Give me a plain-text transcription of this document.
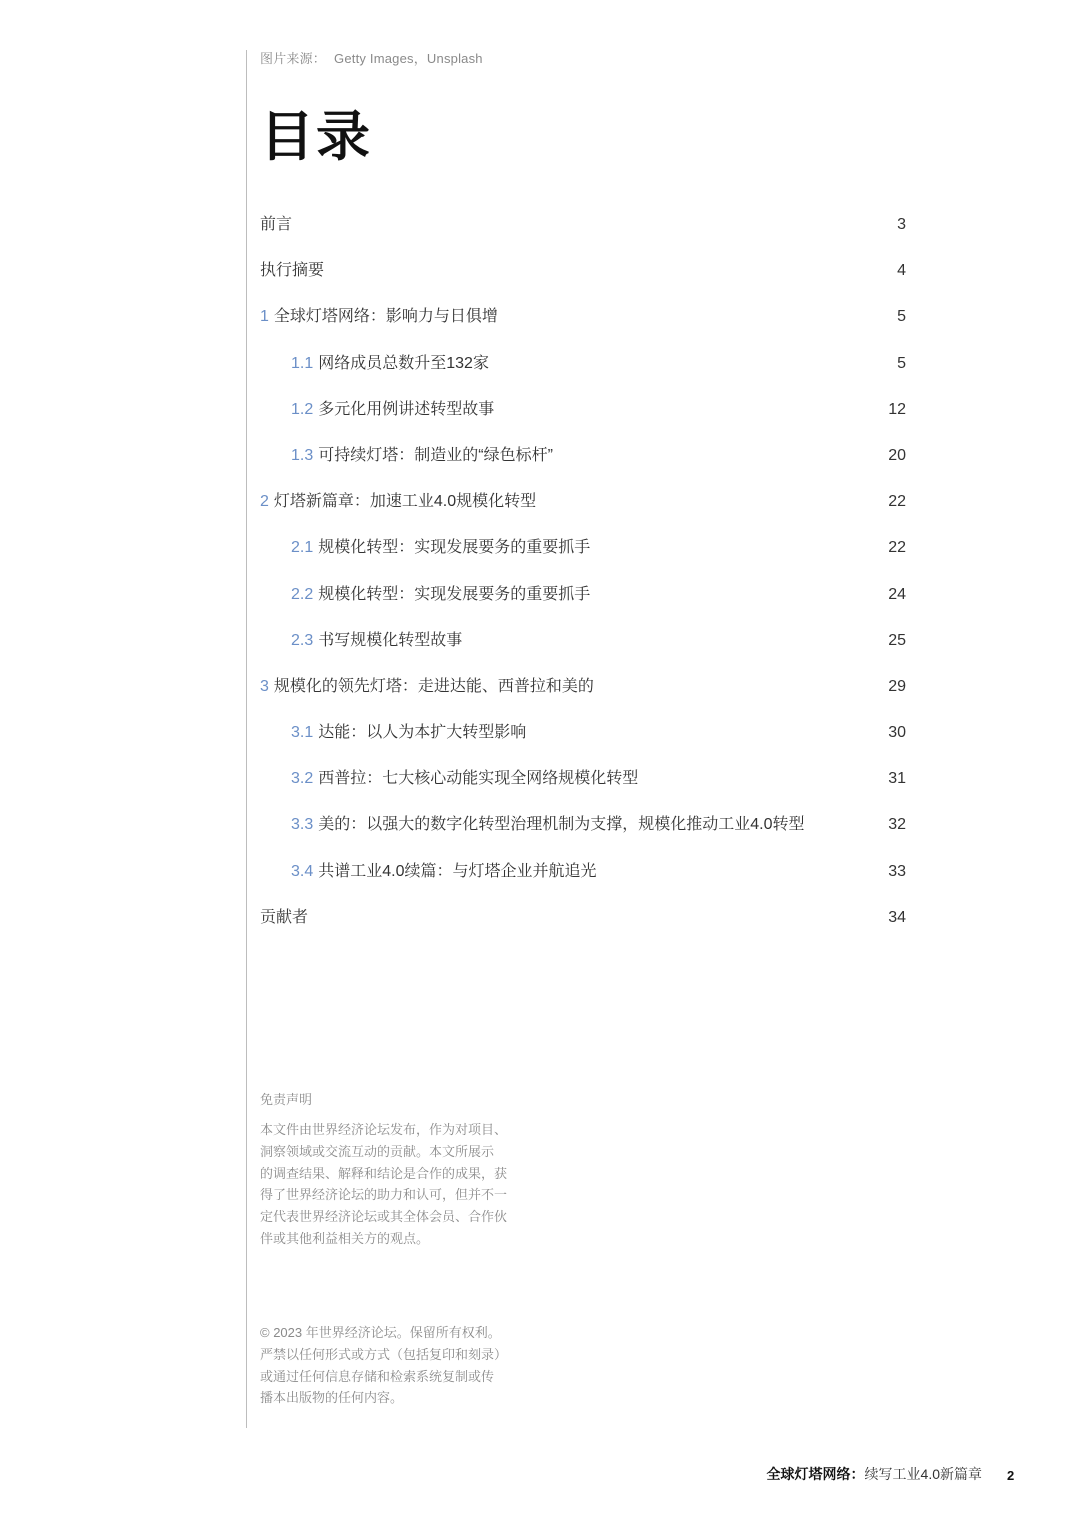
图片来源： Getty Images，Unsplash
目录
前言	3
执行摘要	4
1 全球灯塔网络：影响力与日俱增	5
1.1 网络成员总数升至132家	5
1.2 多元化用例讲述转型故事	12
1.3 可持续灯塔：制造业的“绿色标杆”	20
2 灯塔新篇章：加速工业4.0规模化转型	22
2.1 规模化转型：实现发展要务的重要抓手	22
2.2 规模化转型：实现发展要务的重要抓手	24
2.3 书写规模化转型故事	25
3 规模化的领先灯塔：走进达能、西普拉和美的	29
3.1 达能：以人为本扩大转型影响	30
3.2 西普拉：七大核心动能实现全网络规模化转型	31
3.3 美的：以强大的数字化转型治理机制为支撑，规模化推动工业4.0转型	32
3.4 共谱工业4.0续篇：与灯塔企业并航追光	33
贡献者	34
免责声明
本文件由世界经济论坛发布，作为对项目、
洞察领域或交流互动的贡献。本文所展示
的调查结果、解释和结论是合作的成果，获
得了世界经济论坛的助力和认可，但并不一
定代表世界经济论坛或其全体会员、合作伙
伴或其他利益相关方的观点。
© 2023 年世界经济论坛。保留所有权利。
严禁以任何形式或方式（包括复印和刻录）
或通过任何信息存储和检索系统复制或传
播本出版物的任何内容。
全球灯塔网络：续写工业4.0新篇章 2
